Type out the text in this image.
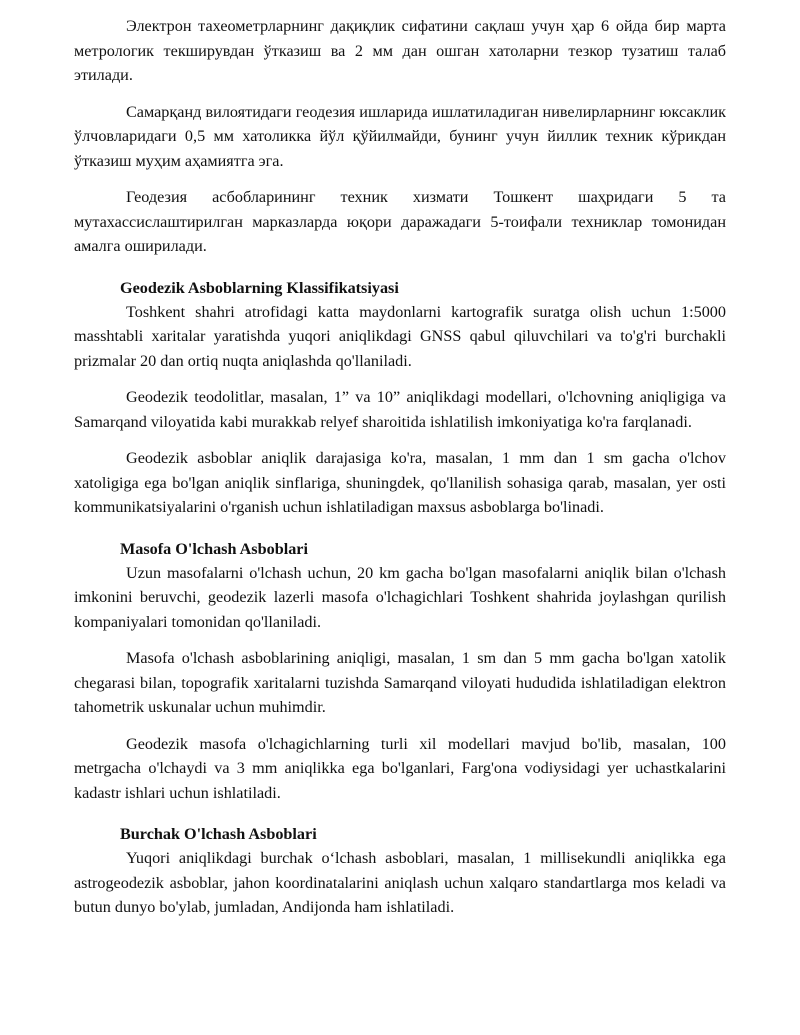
Электрон тахеометрларнинг дақиқлик сифатини сақлаш учун ҳар 6 ойда бир марта метрологик текширувдан ўтказиш ва 2 мм дан ошган хатоларни тезкор тузатиш талаб этилади.

Самарқанд вилоятидаги геодезия ишларида ишлатиладиган нивелирларнинг юксаклик ўлчовларидаги 0,5 мм хатоликка йўл қўйилмайди, бунинг учун йиллик техник кўрикдан ўтказиш муҳим аҳамиятга эга.

Геодезия асбобларининг техник хизмати Тошкент шаҳридаги 5 та мутахассислаштирилган марказларда юқори даражадаги 5-тоифали техниклар томонидан амалга оширилади.

Geodezik Asboblarning Klassifikatsiyasi

Toshkent shahri atrofidagi katta maydonlarni kartografik suratga olish uchun 1:5000 masshtabli xaritalar yaratishda yuqori aniqlikdagi GNSS qabul qiluvchilari va to'g'ri burchakli prizmalar 20 dan ortiq nuqta aniqlashda qo'llaniladi.

Geodezik teodolitlar, masalan, 1” va 10” aniqlikdagi modellari, o'lchovning aniqligiga va Samarqand viloyatida kabi murakkab relyef sharoitida ishlatilish imkoniyatiga ko'ra farqlanadi.

Geodezik asboblar aniqlik darajasiga ko'ra, masalan, 1 mm dan 1 sm gacha o'lchov xatoligiga ega bo'lgan aniqlik sinflariga, shuningdek, qo'llanilish sohasiga qarab, masalan, yer osti kommunikatsiyalarini o'rganish uchun ishlatiladigan maxsus asboblarga bo'linadi.

Masofa O'lchash Asboblari

Uzun masofalarni o'lchash uchun, 20 km gacha bo'lgan masofalarni aniqlik bilan o'lchash imkonini beruvchi, geodezik lazerli masofa o'lchagichlari Toshkent shahrida joylashgan qurilish kompaniyalari tomonidan qo'llaniladi.

Masofa o'lchash asboblarining aniqligi, masalan, 1 sm dan 5 mm gacha bo'lgan xatolik chegarasi bilan, topografik xaritalarni tuzishda Samarqand viloyati hududida ishlatiladigan elektron tahometrik uskunalar uchun muhimdir.

Geodezik masofa o'lchagichlarning turli xil modellari mavjud bo'lib, masalan, 100 metrgacha o'lchaydi va 3 mm aniqlikka ega bo'lganlari, Farg'ona vodiysidagi yer uchastkalarini kadastr ishlari uchun ishlatiladi.

Burchak O'lchash Asboblari

Yuqori aniqlikdagi burchak o‘lchash asboblari, masalan, 1 millisekundli aniqlikka ega astrogeodezik asboblar, jahon koordinatalarini aniqlash uchun xalqaro standartlarga mos keladi va butun dunyo bo'ylab, jumladan, Andijonda ham ishlatiladi.
